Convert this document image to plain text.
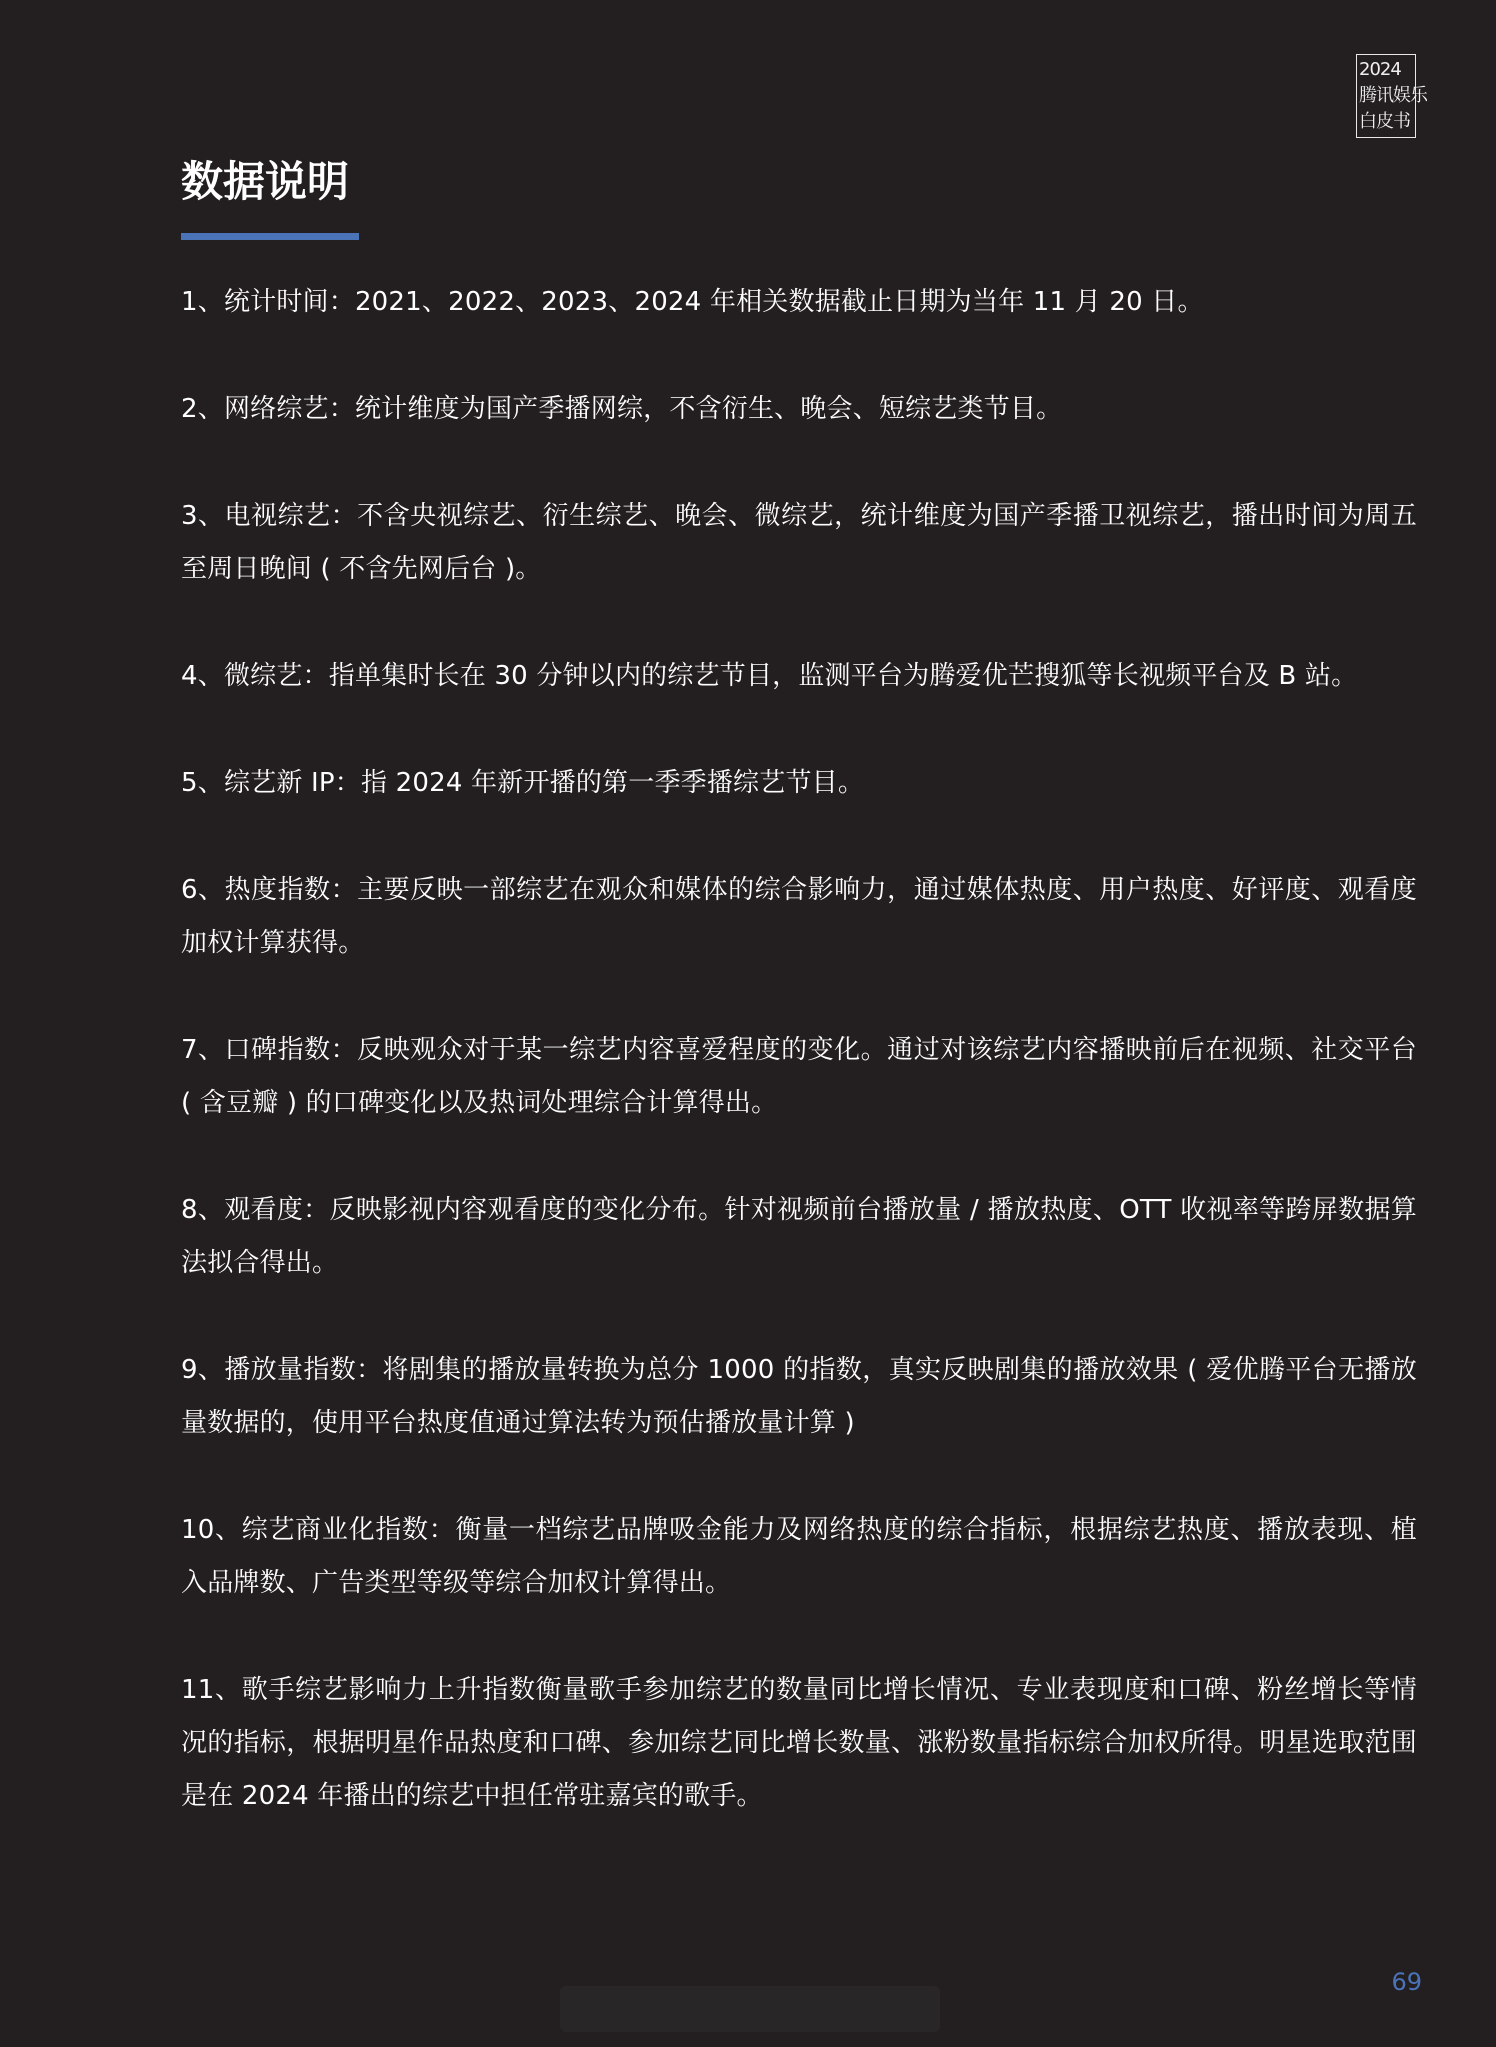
2024
腾讯娱乐
白皮书
数据说明

1、统计时间：2021、2022、2023、2024 年相关数据截止日期为当年 11 月 20 日。

2、网络综艺：统计维度为国产季播网综，不含衍生、晚会、短综艺类节目。

3、电视综艺：不含央视综艺、衍生综艺、晚会、微综艺，统计维度为国产季播卫视综艺，播出时间为周五至周日晚间 ( 不含先网后台 )。

4、微综艺：指单集时长在 30 分钟以内的综艺节目，监测平台为腾爱优芒搜狐等长视频平台及 B 站。

5、综艺新 IP：指 2024 年新开播的第一季季播综艺节目。

6、热度指数：主要反映一部综艺在观众和媒体的综合影响力，通过媒体热度、用户热度、好评度、观看度加权计算获得。

7、口碑指数：反映观众对于某一综艺内容喜爱程度的变化。通过对该综艺内容播映前后在视频、社交平台 ( 含豆瓣 ) 的口碑变化以及热词处理综合计算得出。

8、观看度：反映影视内容观看度的变化分布。针对视频前台播放量 / 播放热度、OTT 收视率等跨屏数据算法拟合得出。

9、播放量指数：将剧集的播放量转换为总分 1000 的指数，真实反映剧集的播放效果 ( 爱优腾平台无播放量数据的，使用平台热度值通过算法转为预估播放量计算 )

10、综艺商业化指数：衡量一档综艺品牌吸金能力及网络热度的综合指标，根据综艺热度、播放表现、植入品牌数、广告类型等级等综合加权计算得出。

11、歌手综艺影响力上升指数衡量歌手参加综艺的数量同比增长情况、专业表现度和口碑、粉丝增长等情况的指标，根据明星作品热度和口碑、参加综艺同比增长数量、涨粉数量指标综合加权所得。明星选取范围是在 2024 年播出的综艺中担任常驻嘉宾的歌手。

69
